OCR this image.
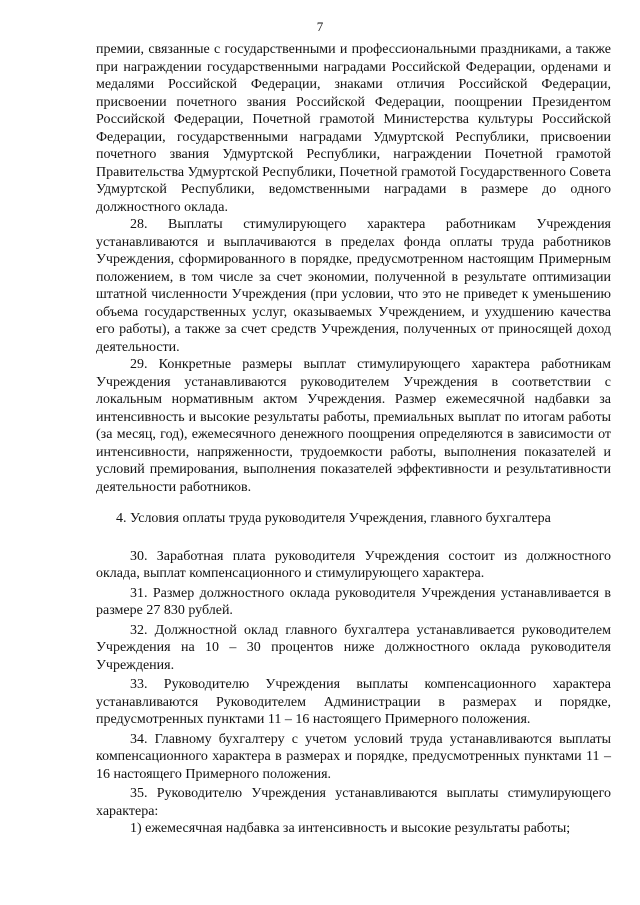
7

премии, связанные с государственными и профессиональными праздниками, а также при награждении государственными наградами Российской Федерации, орденами и медалями Российской Федерации, знаками отличия Российской Федерации, присвоении почетного звания Российской Федерации, поощрении Президентом Российской Федерации, Почетной грамотой Министерства культуры Российской Федерации, государственными наградами Удмуртской Республики, присвоении почетного звания Удмуртской Республики, награждении Почетной грамотой Правительства Удмуртской Республики, Почетной грамотой Государственного Совета Удмуртской Республики, ведомственными наградами в размере до одного должностного оклада.

28. Выплаты стимулирующего характера работникам Учреждения устанавливаются и выплачиваются в пределах фонда оплаты труда работников Учреждения, сформированного в порядке, предусмотренном настоящим Примерным положением, в том числе за счет экономии, полученной в результате оптимизации штатной численности Учреждения (при условии, что это не приведет к уменьшению объема государственных услуг, оказываемых Учреждением, и ухудшению качества его работы), а также за счет средств Учреждения, полученных от приносящей доход деятельности.

29. Конкретные размеры выплат стимулирующего характера работникам Учреждения устанавливаются руководителем Учреждения в соответствии с локальным нормативным актом Учреждения. Размер ежемесячной надбавки за интенсивность и высокие результаты работы, премиальных выплат по итогам работы (за месяц, год), ежемесячного денежного поощрения определяются в зависимости от интенсивности, напряженности, трудоемкости работы, выполнения показателей и условий премирования, выполнения показателей эффективности и результативности деятельности работников.

4. Условия оплаты труда руководителя Учреждения, главного бухгалтера

30. Заработная плата руководителя Учреждения состоит из должностного оклада, выплат компенсационного и стимулирующего характера.

31. Размер должностного оклада руководителя Учреждения устанавливается в размере 27 830 рублей.

32. Должностной оклад главного бухгалтера устанавливается руководителем Учреждения на 10 – 30 процентов ниже должностного оклада руководителя Учреждения.

33. Руководителю Учреждения выплаты компенсационного характера устанавливаются Руководителем Администрации в размерах и порядке, предусмотренных пунктами 11 – 16 настоящего Примерного положения.

34. Главному бухгалтеру с учетом условий труда устанавливаются выплаты компенсационного характера в размерах и порядке, предусмотренных пунктами 11 – 16 настоящего Примерного положения.

35. Руководителю Учреждения устанавливаются выплаты стимулирующего характера:

1) ежемесячная надбавка за интенсивность и высокие результаты работы;
